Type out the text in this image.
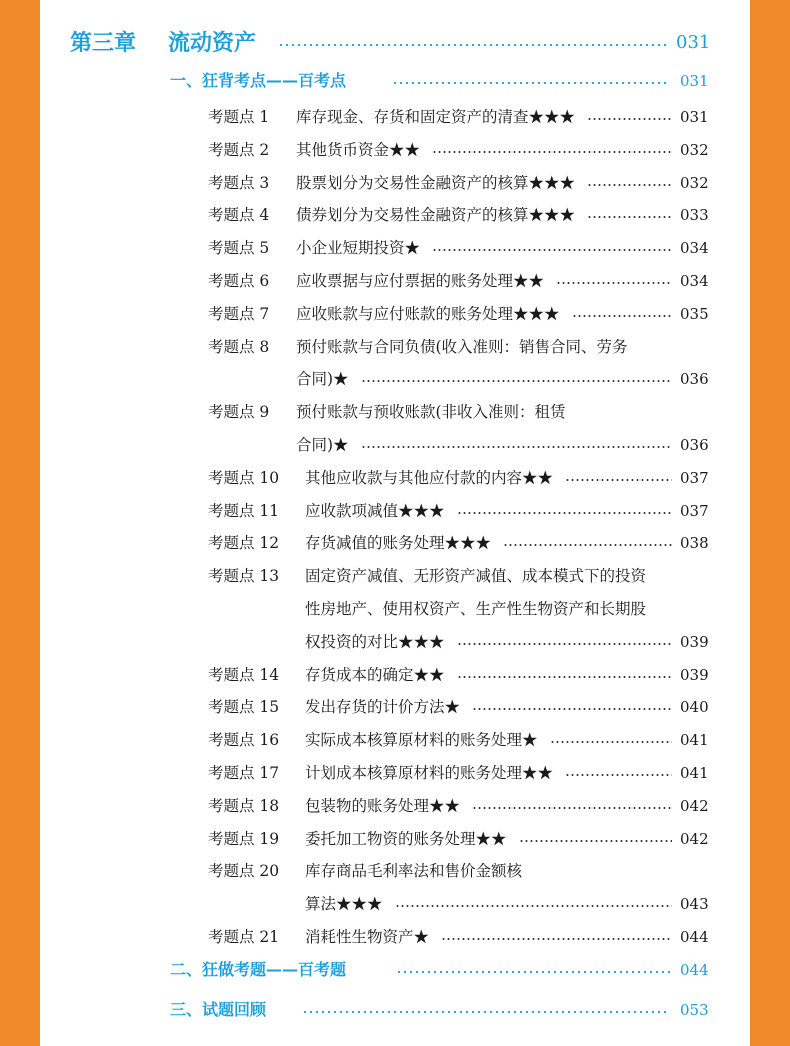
第三章 流动资产	031
一、狂背考点——百考点	031
考题点 1 库存现金、存货和固定资产的清查★★★	031
考题点 2 其他货币资金★★	032
考题点 3 股票划分为交易性金融资产的核算★★★	032
考题点 4 债券划分为交易性金融资产的核算★★★	033
考题点 5 小企业短期投资★	034
考题点 6 应收票据与应付票据的账务处理★★	034
考题点 7 应收账款与应付账款的账务处理★★★	035
考题点 8 预付账款与合同负债(收入准则：销售合同、劳务
合同)★	036
考题点 9 预付账款与预收账款(非收入准则：租赁
合同)★	036
考题点 10 其他应收款与其他应付款的内容★★	037
考题点 11 应收款项减值★★★	037
考题点 12 存货减值的账务处理★★★	038
考题点 13 固定资产减值、无形资产减值、成本模式下的投资
性房地产、使用权资产、生产性生物资产和长期股
权投资的对比★★★	039
考题点 14 存货成本的确定★★	039
考题点 15 发出存货的计价方法★	040
考题点 16 实际成本核算原材料的账务处理★	041
考题点 17 计划成本核算原材料的账务处理★★	041
考题点 18 包装物的账务处理★★	042
考题点 19 委托加工物资的账务处理★★	042
考题点 20 库存商品毛利率法和售价金额核
算法★★★	043
考题点 21 消耗性生物资产★	044
二、狂做考题——百考题	044
三、试题回顾	053
